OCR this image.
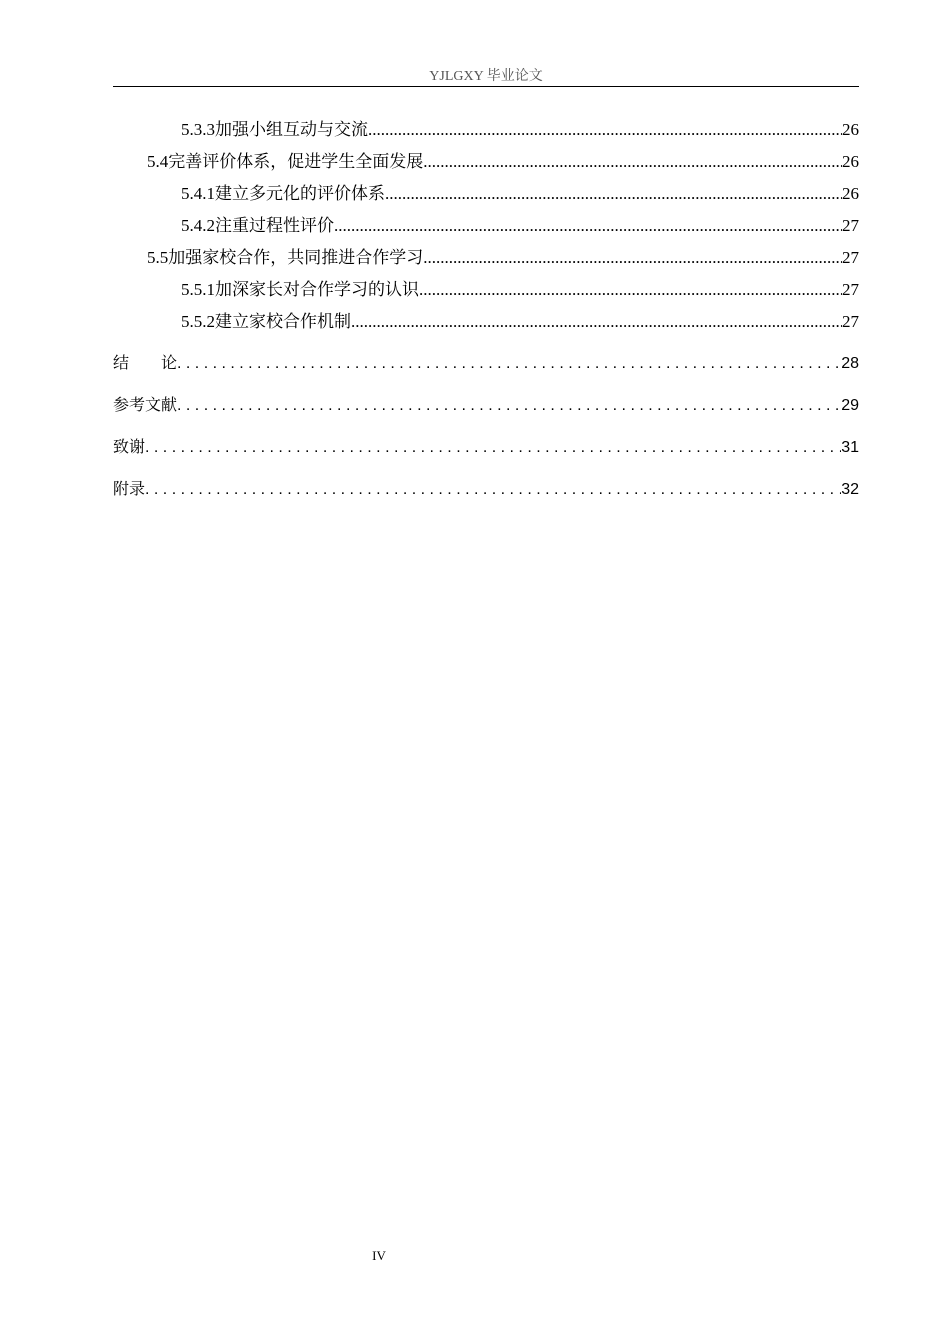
YJLGXY 毕业论文
5.3.3 加强小组互动与交流 .....	26
5.4 完善评价体系，促进学生全面发展 .....	26
5.4.1 建立多元化的评价体系 .....	26
5.4.2 注重过程性评价 .....	27
5.5 加强家校合作，共同推进合作学习 .....	27
5.5.1 加深家长对合作学习的认识 .....	27
5.5.2 建立家校合作机制 .....	27
结　　论 . . .	28
参考文献 . . .	29
致谢 . . .	31
附录 . . .	32
IV
